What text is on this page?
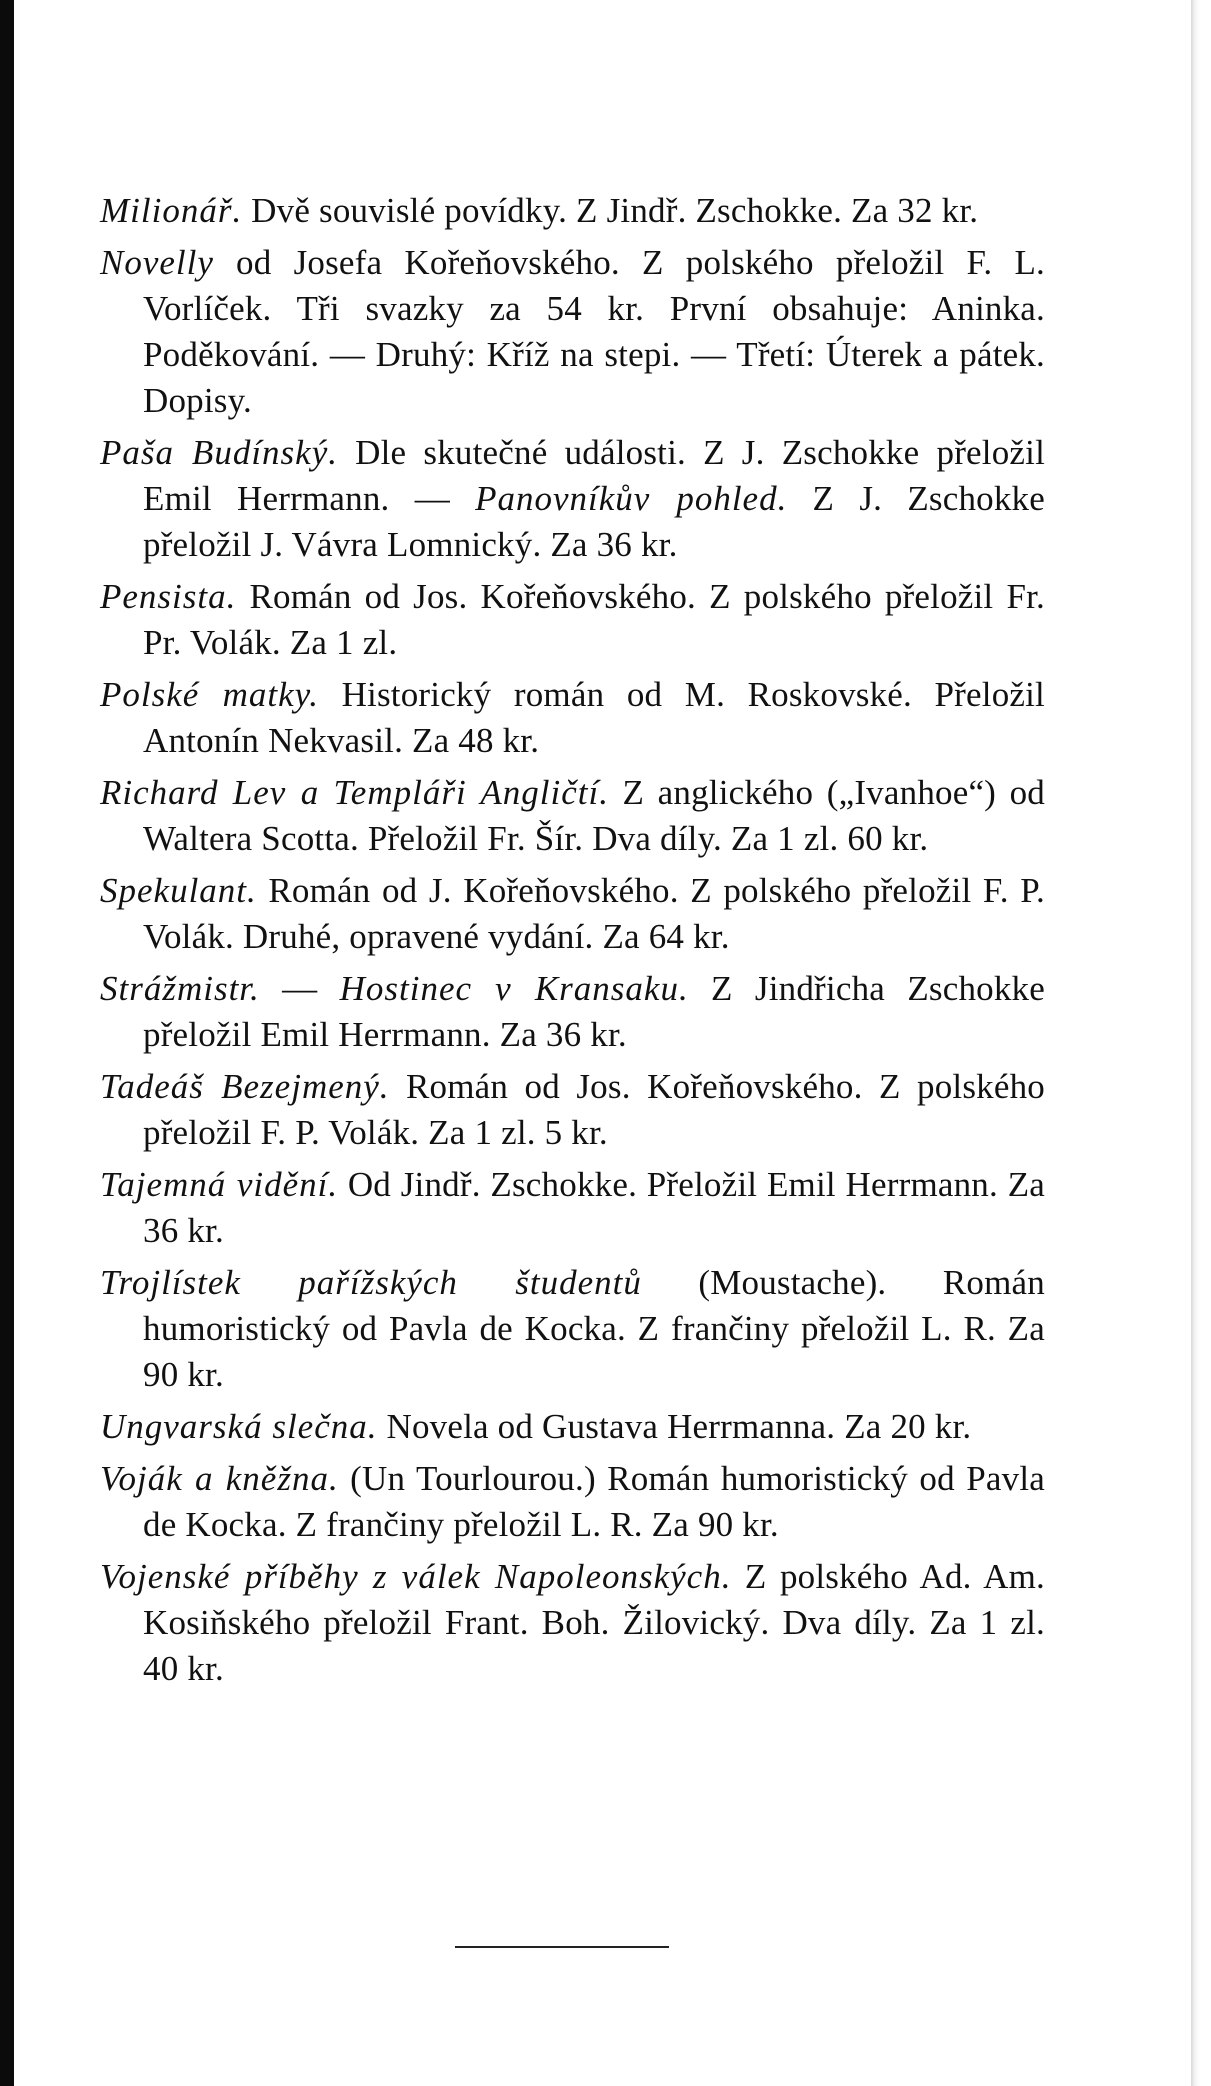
Milionář. Dvě souvislé povídky. Z Jindř. Zschokke. Za 32 kr.

Novelly od Josefa Kořeňovského. Z polského přeložil F. L. Vorlíček. Tři svazky za 54 kr. První obsahuje: Aninka. Poděkování. — Druhý: Kříž na stepi. — Třetí: Úterek a pátek. Dopisy.

Paša Budínský. Dle skutečné události. Z J. Zschokke přeložil Emil Herrmann. — Panovníkův pohled. Z J. Zschokke přeložil J. Vávra Lomnický. Za 36 kr.

Pensista. Román od Jos. Kořeňovského. Z polského přeložil Fr. Pr. Volák. Za 1 zl.

Polské matky. Historický román od M. Roskovské. Přeložil Antonín Nekvasil. Za 48 kr.

Richard Lev a Templáři Angličtí. Z anglického („Ivanhoe“) od Waltera Scotta. Přeložil Fr. Šír. Dva díly. Za 1 zl. 60 kr.

Spekulant. Román od J. Kořeňovského. Z polského přeložil F. P. Volák. Druhé, opravené vydání. Za 64 kr.

Strážmistr. — Hostinec v Kransaku. Z Jindřicha Zschokke přeložil Emil Herrmann. Za 36 kr.

Tadeáš Bezejmený. Román od Jos. Kořeňovského. Z polského přeložil F. P. Volák. Za 1 zl. 5 kr.

Tajemná vidění. Od Jindř. Zschokke. Přeložil Emil Herrmann. Za 36 kr.

Trojlístek pařížských študentů (Moustache). Román humoristický od Pavla de Kocka. Z frančiny přeložil L. R. Za 90 kr.

Ungvarská slečna. Novela od Gustava Herrmanna. Za 20 kr.

Voják a kněžna. (Un Tourlourou.) Román humoristický od Pavla de Kocka. Z frančiny přeložil L. R. Za 90 kr.

Vojenské příběhy z válek Napoleonských. Z polského Ad. Am. Kosiňského přeložil Frant. Boh. Žilovický. Dva díly. Za 1 zl. 40 kr.
